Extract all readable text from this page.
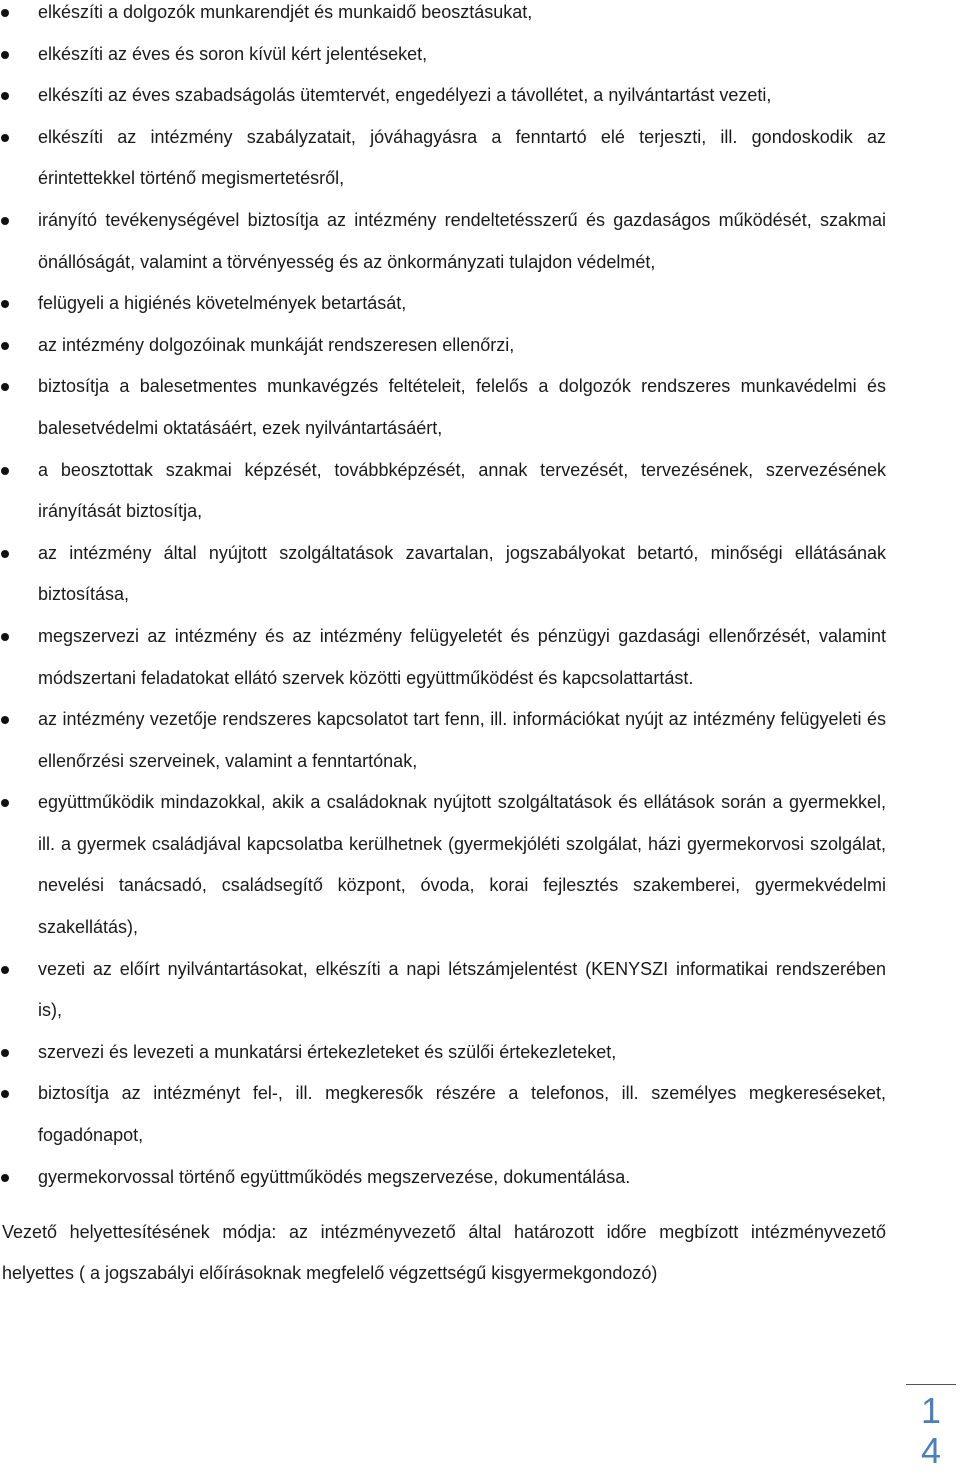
elkészíti a dolgozók munkarendjét és munkaidő beosztásukat,
elkészíti az éves és soron kívül kért jelentéseket,
elkészíti az éves szabadságolás ütemtervét, engedélyezi a távollétet, a nyilvántartást vezeti,
elkészíti az intézmény szabályzatait, jóváhagyásra a fenntartó elé terjeszti, ill. gondoskodik az érintettekkel történő megismertetésről,
irányító tevékenységével biztosítja az intézmény rendeltetésszerű és gazdaságos működését, szakmai önállóságát, valamint a törvényesség és az önkormányzati tulajdon védelmét,
felügyeli a higiénés követelmények betartását,
az intézmény dolgozóinak munkáját rendszeresen ellenőrzi,
biztosítja a balesetmentes munkavégzés feltételeit, felelős a dolgozók rendszeres munkavédelmi és balesetvédelmi oktatásáért, ezek nyilvántartásáért,
a beosztottak szakmai képzését, továbbképzését, annak tervezését, tervezésének, szervezésének irányítását biztosítja,
az intézmény által nyújtott szolgáltatások zavartalan, jogszabályokat betartó, minőségi ellátásának biztosítása,
megszervezi az intézmény és az intézmény felügyeletét és pénzügyi gazdasági ellenőrzését, valamint módszertani feladatokat ellátó szervek közötti együttműködést és kapcsolattartást.
az intézmény vezetője rendszeres kapcsolatot tart fenn, ill. információkat nyújt az intézmény felügyeleti és ellenőrzési szerveinek, valamint a fenntartónak,
együttműködik mindazokkal, akik a családoknak nyújtott szolgáltatások és ellátások során a gyermekkel, ill. a gyermek családjával kapcsolatba kerülhetnek (gyermekjóléti szolgálat, házi gyermekorvosi szolgálat, nevelési tanácsadó, családsegítő központ, óvoda, korai fejlesztés szakemberei, gyermekvédelmi szakellátás),
vezeti az előírt nyilvántartásokat, elkészíti a napi létszámjelentést (KENYSZI informatikai rendszerében is),
szervezi és levezeti a munkatársi értekezleteket és szülői értekezleteket,
biztosítja az intézményt fel-, ill. megkeresők részére a telefonos, ill. személyes megkereséseket, fogadónapot,
gyermekorvossal történő együttműködés megszervezése, dokumentálása.

Vezető helyettesítésének módja: az intézményvezető által határozott időre megbízott intézményvezető helyettes ( a jogszabályi előírásoknak megfelelő végzettségű kisgyermekgondozó)

1
4
